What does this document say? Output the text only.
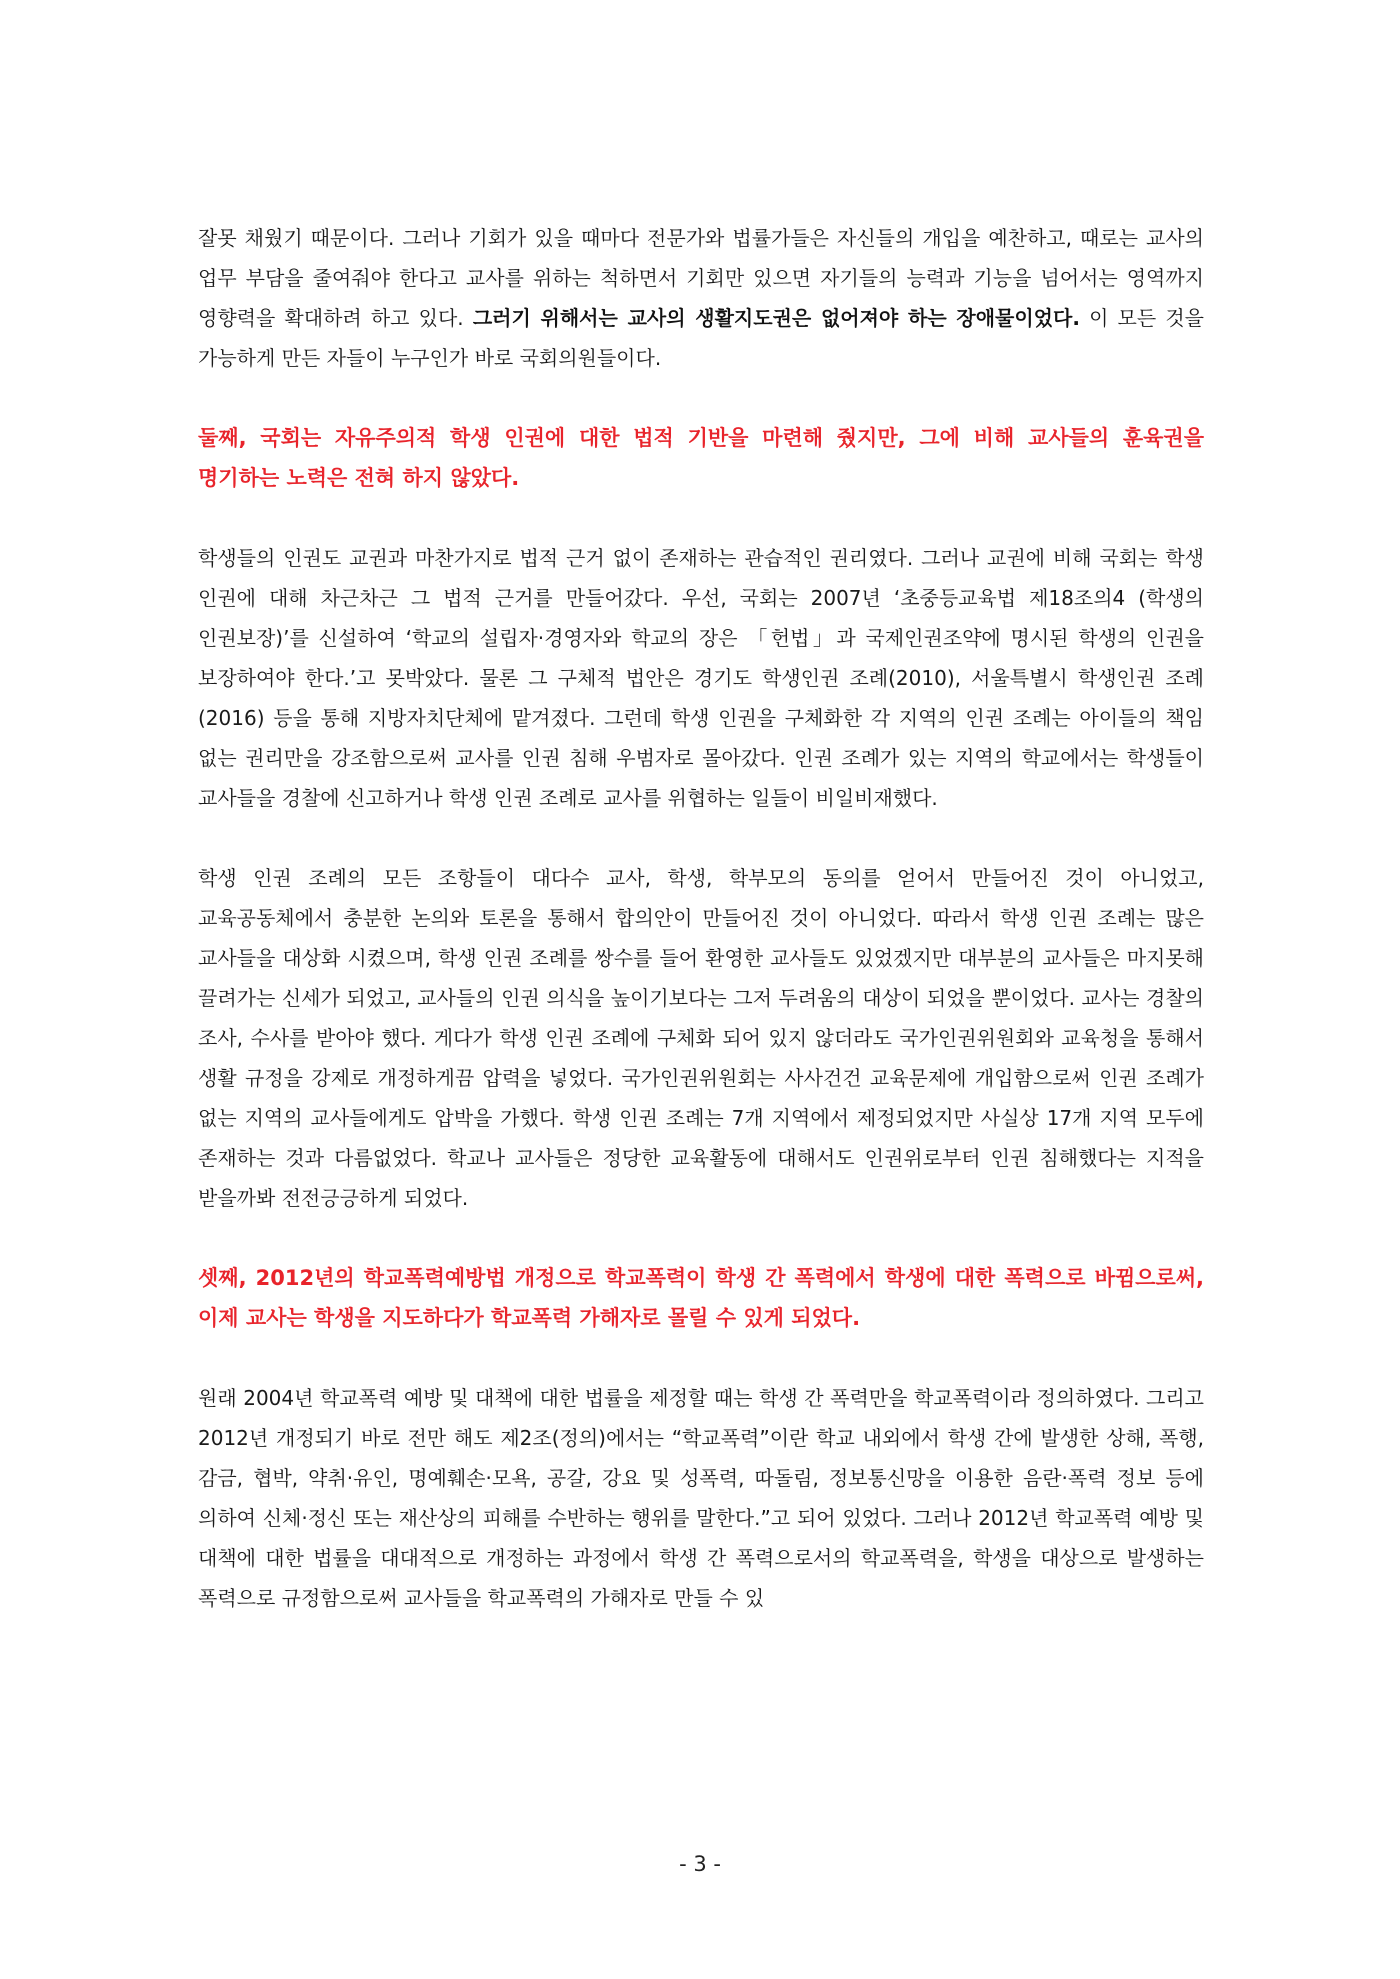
잘못 채웠기 때문이다. 그러나 기회가 있을 때마다 전문가와 법률가들은 자신들의 개입을 예찬하고, 때로는 교사의 업무 부담을 줄여줘야 한다고 교사를 위하는 척하면서 기회만 있으면 자기들의 능력과 기능을 넘어서는 영역까지 영향력을 확대하려 하고 있다. 그러기 위해서는 교사의 생활지도권은 없어져야 하는 장애물이었다. 이 모든 것을 가능하게 만든 자들이 누구인가 바로 국회의원들이다.

둘째, 국회는 자유주의적 학생 인권에 대한 법적 기반을 마련해 줬지만, 그에 비해 교사들의 훈육권을 명기하는 노력은 전혀 하지 않았다.

학생들의 인권도 교권과 마찬가지로 법적 근거 없이 존재하는 관습적인 권리였다. 그러나 교권에 비해 국회는 학생 인권에 대해 차근차근 그 법적 근거를 만들어갔다. 우선, 국회는 2007년 ‘초중등교육법 제18조의4 (학생의 인권보장)’를 신설하여 ‘학교의 설립자·경영자와 학교의 장은 「헌법」과 국제인권조약에 명시된 학생의 인권을 보장하여야 한다.’고 못박았다. 물론 그 구체적 법안은 경기도 학생인권 조례(2010), 서울특별시 학생인권 조례(2016) 등을 통해 지방자치단체에 맡겨졌다. 그런데 학생 인권을 구체화한 각 지역의 인권 조례는 아이들의 책임 없는 권리만을 강조함으로써 교사를 인권 침해 우범자로 몰아갔다. 인권 조례가 있는 지역의 학교에서는 학생들이 교사들을 경찰에 신고하거나 학생 인권 조례로 교사를 위협하는 일들이 비일비재했다.

학생 인권 조례의 모든 조항들이 대다수 교사, 학생, 학부모의 동의를 얻어서 만들어진 것이 아니었고, 교육공동체에서 충분한 논의와 토론을 통해서 합의안이 만들어진 것이 아니었다. 따라서 학생 인권 조례는 많은 교사들을 대상화 시켰으며, 학생 인권 조례를 쌍수를 들어 환영한 교사들도 있었겠지만 대부분의 교사들은 마지못해 끌려가는 신세가 되었고, 교사들의 인권 의식을 높이기보다는 그저 두려움의 대상이 되었을 뿐이었다. 교사는 경찰의 조사, 수사를 받아야 했다. 게다가 학생 인권 조례에 구체화 되어 있지 않더라도 국가인권위원회와 교육청을 통해서 생활 규정을 강제로 개정하게끔 압력을 넣었다. 국가인권위원회는 사사건건 교육문제에 개입함으로써 인권 조례가 없는 지역의 교사들에게도 압박을 가했다. 학생 인권 조례는 7개 지역에서 제정되었지만 사실상 17개 지역 모두에 존재하는 것과 다름없었다. 학교나 교사들은 정당한 교육활동에 대해서도 인권위로부터 인권 침해했다는 지적을 받을까봐 전전긍긍하게 되었다.

셋째, 2012년의 학교폭력예방법 개정으로 학교폭력이 학생 간 폭력에서 학생에 대한 폭력으로 바뀜으로써, 이제 교사는 학생을 지도하다가 학교폭력 가해자로 몰릴 수 있게 되었다.

원래 2004년 학교폭력 예방 및 대책에 대한 법률을 제정할 때는 학생 간 폭력만을 학교폭력이라 정의하였다. 그리고 2012년 개정되기 바로 전만 해도 제2조(정의)에서는 “학교폭력”이란 학교 내외에서 학생 간에 발생한 상해, 폭행, 감금, 협박, 약취·유인, 명예훼손·모욕, 공갈, 강요 및 성폭력, 따돌림, 정보통신망을 이용한 음란·폭력 정보 등에 의하여 신체·정신 또는 재산상의 피해를 수반하는 행위를 말한다.”고 되어 있었다. 그러나 2012년 학교폭력 예방 및 대책에 대한 법률을 대대적으로 개정하는 과정에서 학생 간 폭력으로서의 학교폭력을, 학생을 대상으로 발생하는 폭력으로 규정함으로써 교사들을 학교폭력의 가해자로 만들 수 있

- 3 -
